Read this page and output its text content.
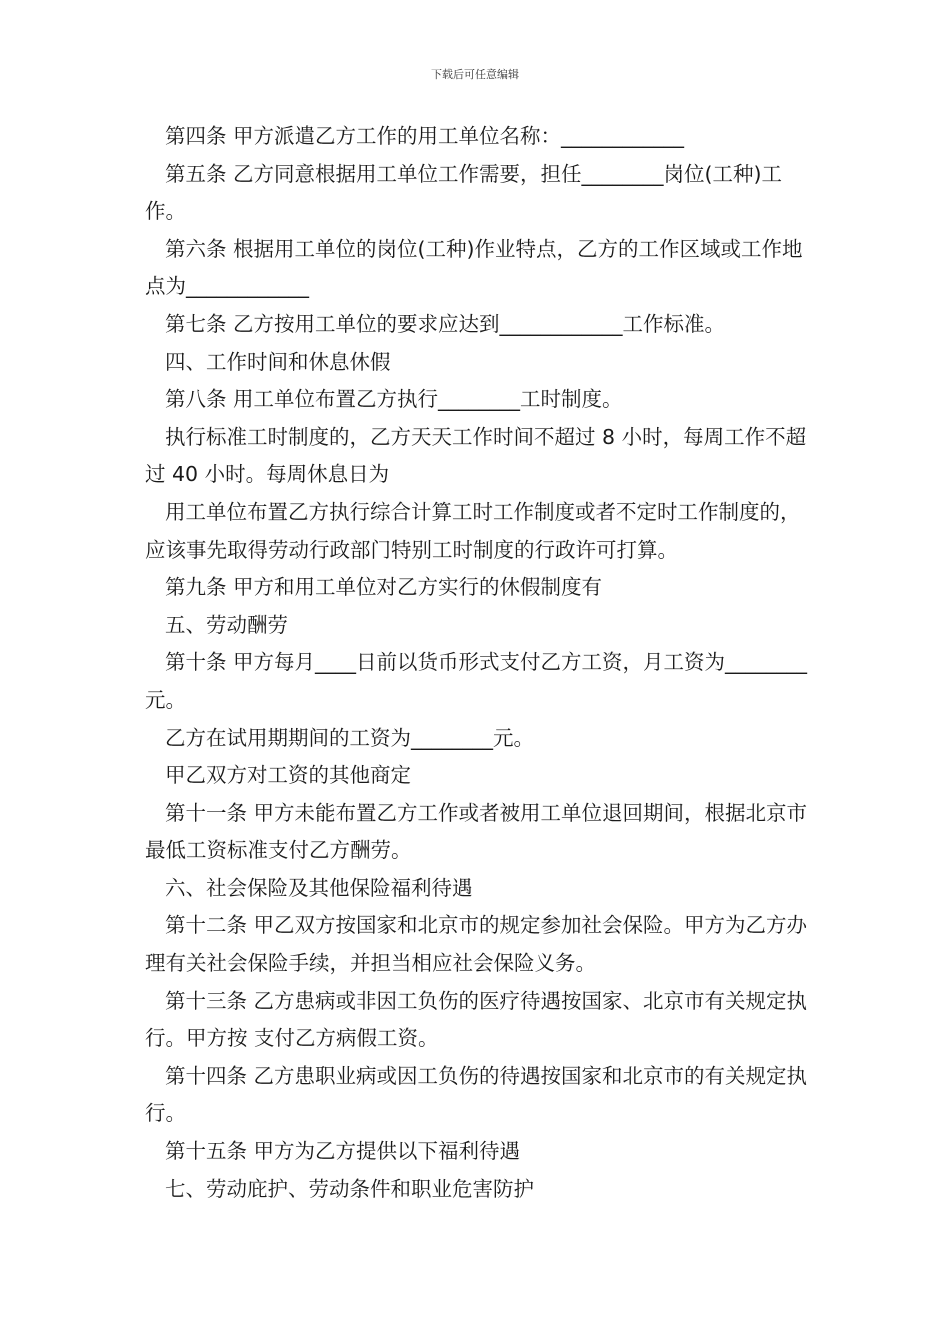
下载后可任意编辑

第四条 甲方派遣乙方工作的用工单位名称：____________

第五条 乙方同意根据用工单位工作需要，担任________岗位(工种)工作。

第六条 根据用工单位的岗位(工种)作业特点，乙方的工作区域或工作地点为____________

第七条 乙方按用工单位的要求应达到____________工作标准。

四、工作时间和休息休假

第八条 用工单位布置乙方执行________工时制度。

执行标准工时制度的，乙方天天工作时间不超过 8 小时，每周工作不超过 40 小时。每周休息日为

用工单位布置乙方执行综合计算工时工作制度或者不定时工作制度的，应该事先取得劳动行政部门特别工时制度的行政许可打算。

第九条 甲方和用工单位对乙方实行的休假制度有

五、劳动酬劳

第十条 甲方每月____日前以货币形式支付乙方工资，月工资为________元。

乙方在试用期期间的工资为________元。

甲乙双方对工资的其他商定

第十一条 甲方未能布置乙方工作或者被用工单位退回期间，根据北京市最低工资标准支付乙方酬劳。

六、社会保险及其他保险福利待遇

第十二条 甲乙双方按国家和北京市的规定参加社会保险。甲方为乙方办理有关社会保险手续，并担当相应社会保险义务。

第十三条 乙方患病或非因工负伤的医疗待遇按国家、北京市有关规定执行。甲方按 支付乙方病假工资。

第十四条 乙方患职业病或因工负伤的待遇按国家和北京市的有关规定执行。

第十五条 甲方为乙方提供以下福利待遇

七、劳动庇护、劳动条件和职业危害防护
